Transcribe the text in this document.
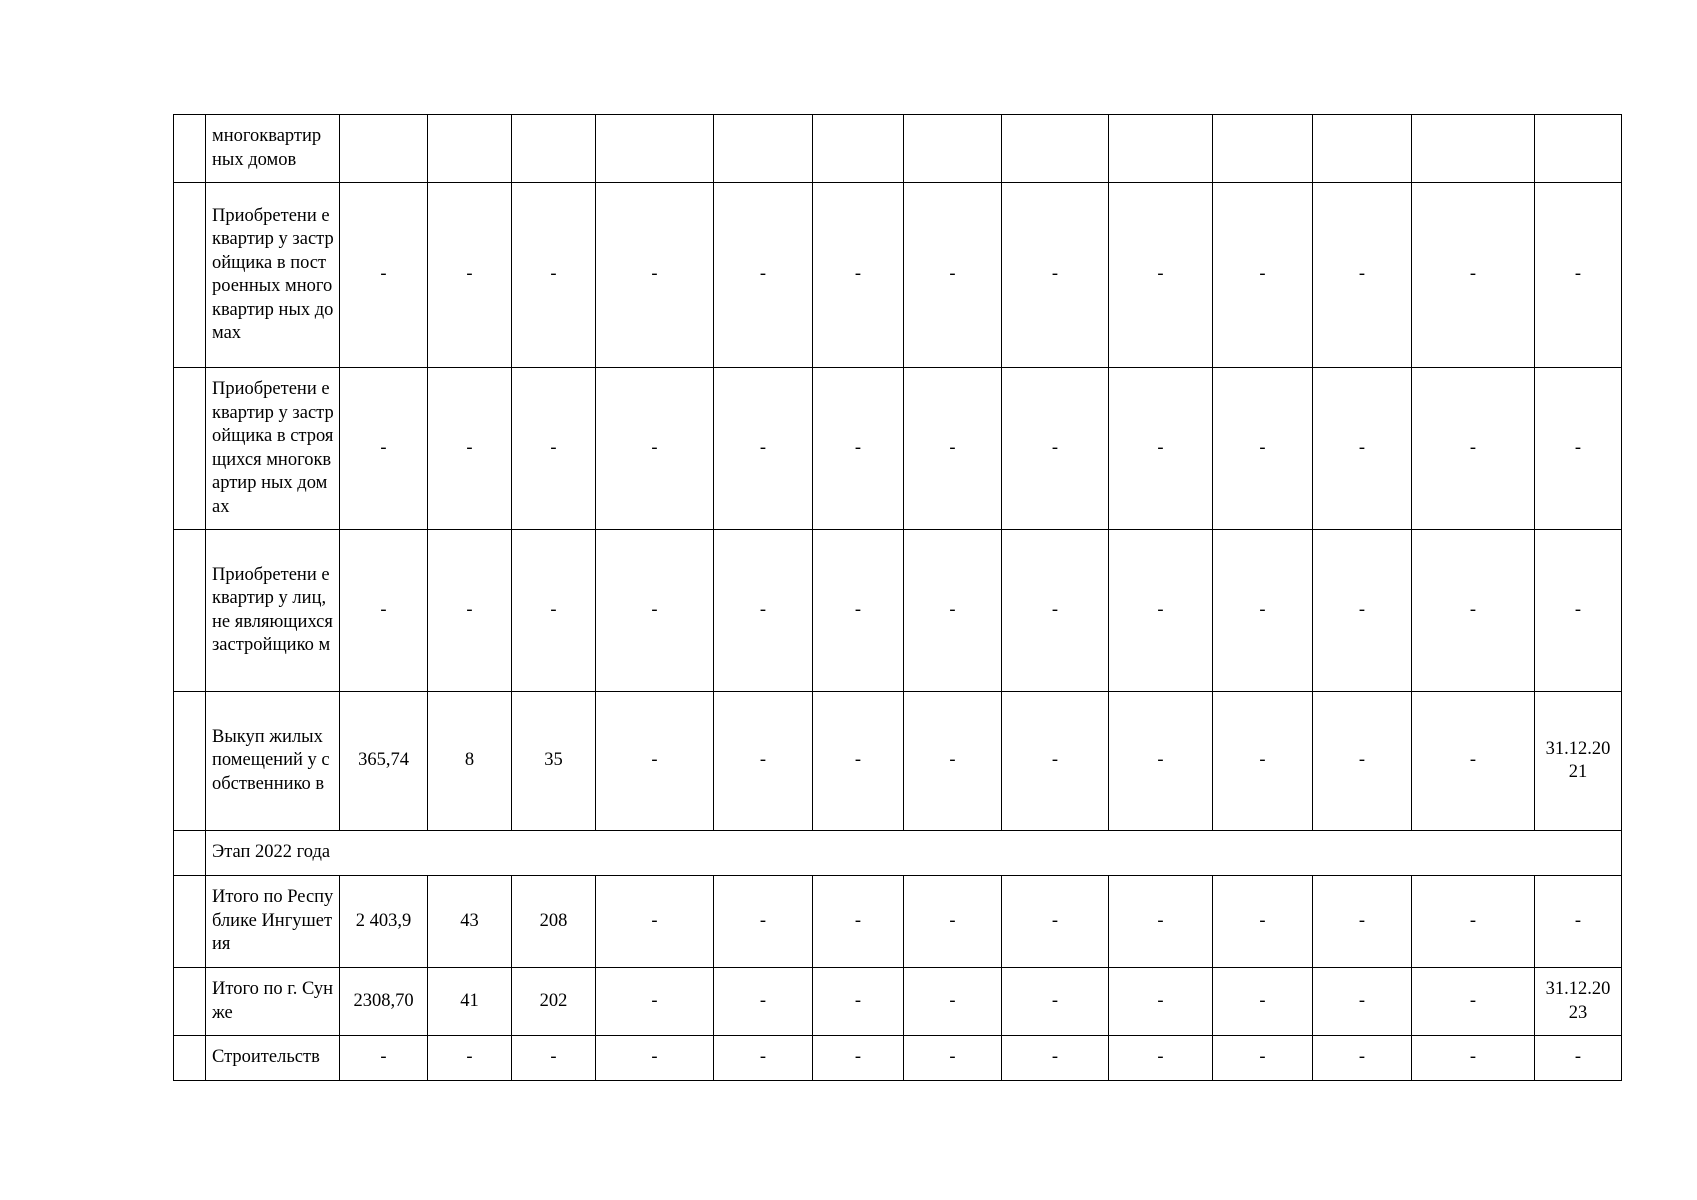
	многоквартир ных домов													
	Приобретени е квартир у застройщика в построенных многоквартир ных домах	-	-	-	-	-	-	-	-	-	-	-	-	-
	Приобретени е квартир у застройщика в строящихся многоквартир ных домах	-	-	-	-	-	-	-	-	-	-	-	-	-
	Приобретени е квартир у лиц, не являющихся застройщико м	-	-	-	-	-	-	-	-	-	-	-	-	-
	Выкуп жилых помещений у собственнико в	365,74	8	35	-	-	-	-	-	-	-	-	-	31.12.20 21
	Этап 2022 года													
	Итого по Республике Ингушетия	2 403,9	43	208	-	-	-	-	-	-	-	-	-	-
	Итого по г. Сунже	2308,70	41	202	-	-	-	-	-	-	-	-	-	31.12.20 23
	Строительств	-	-	-	-	-	-	-	-	-	-	-	-	-
